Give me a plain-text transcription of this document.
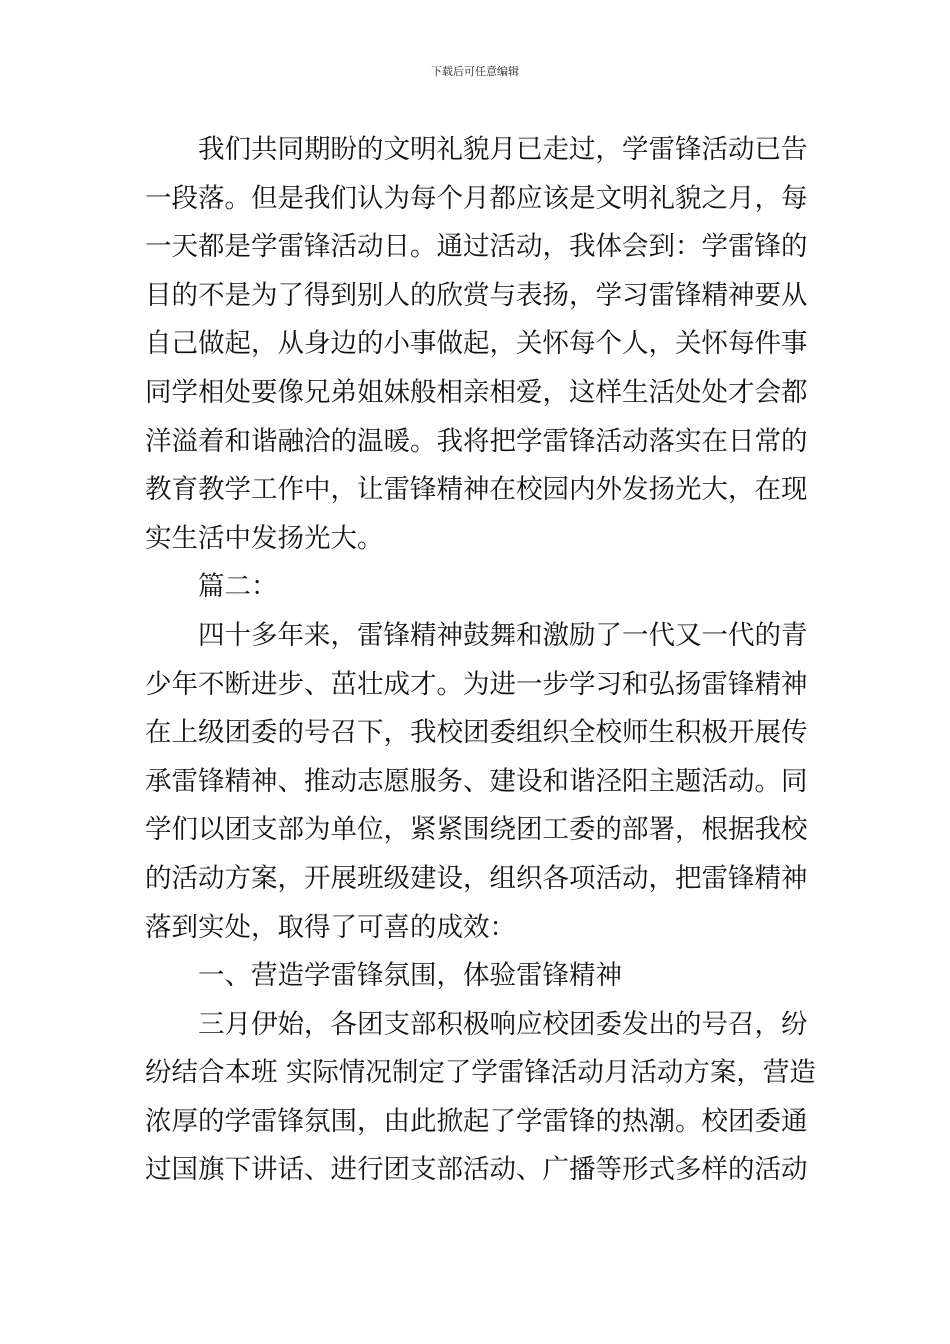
下载后可任意编辑
我们共同期盼的文明礼貌月已走过，学雷锋活动已告
一段落。但是我们认为每个月都应该是文明礼貌之月，每
一天都是学雷锋活动日。通过活动，我体会到：学雷锋的
目的不是为了得到别人的欣赏与表扬，学习雷锋精神要从
自己做起，从身边的小事做起，关怀每个人，关怀每件事
同学相处要像兄弟姐妹般相亲相爱，这样生活处处才会都
洋溢着和谐融洽的温暖。我将把学雷锋活动落实在日常的
教育教学工作中，让雷锋精神在校园内外发扬光大，在现
实生活中发扬光大。
篇二：
四十多年来，雷锋精神鼓舞和激励了一代又一代的青
少年不断进步、茁壮成才。为进一步学习和弘扬雷锋精神
在上级团委的号召下，我校团委组织全校师生积极开展传
承雷锋精神、推动志愿服务、建设和谐泾阳主题活动。同
学们以团支部为单位，紧紧围绕团工委的部署，根据我校
的活动方案，开展班级建设，组织各项活动，把雷锋精神
落到实处，取得了可喜的成效：
一、营造学雷锋氛围，体验雷锋精神
三月伊始，各团支部积极响应校团委发出的号召，纷
纷结合本班 实际情况制定了学雷锋活动月活动方案，营造
浓厚的学雷锋氛围，由此掀起了学雷锋的热潮。校团委通
过国旗下讲话、进行团支部活动、广播等形式多样的活动
